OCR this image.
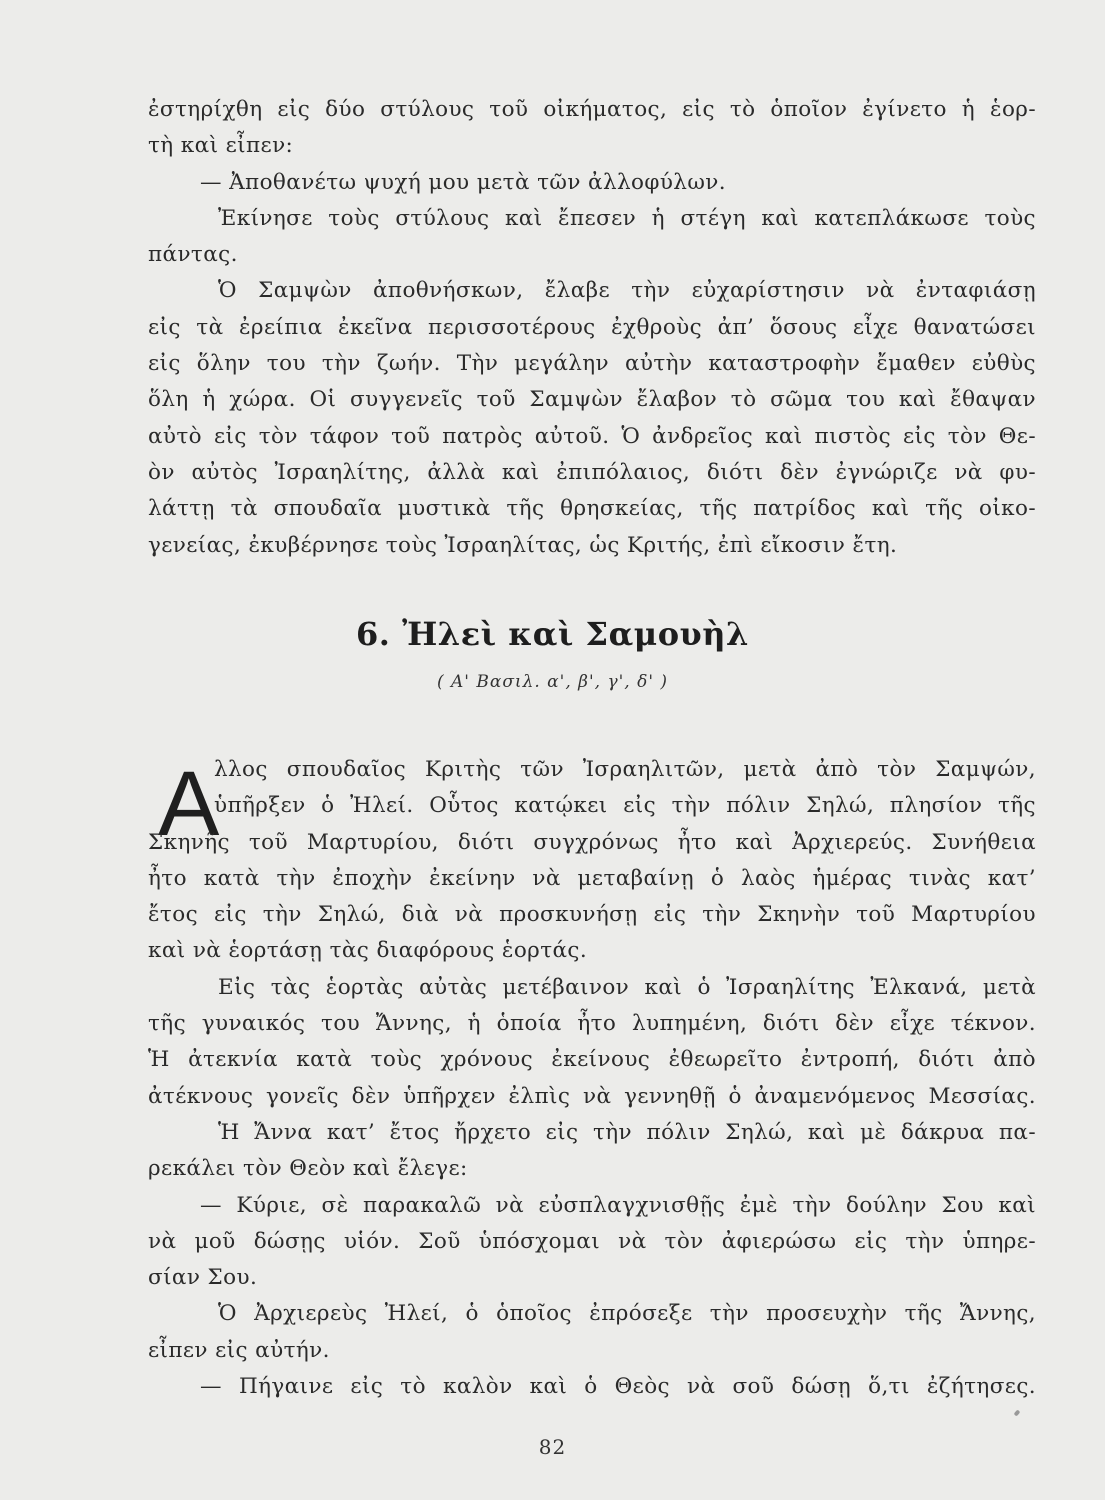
ἐστηρίχθη εἰς δύο στύλους τοῦ οἰκήματος, εἰς τὸ ὁποῖον ἐγίνετο ἡ ἑορ-
τὴ καὶ εἶπεν:
— Ἀποθανέτω ψυχή μου μετὰ τῶν ἀλλοφύλων.
Ἐκίνησε τοὺς στύλους καὶ ἔπεσεν ἡ στέγη καὶ κατεπλάκωσε τοὺς
πάντας.
Ὁ Σαμψὼν ἀποθνήσκων, ἔλαβε τὴν εὐχαρίστησιν νὰ ἐνταφιάσῃ
εἰς τὰ ἐρείπια ἐκεῖνα περισσοτέρους ἐχθροὺς ἀπ’ ὅσους εἶχε θανατώσει
εἰς ὅλην του τὴν ζωήν. Τὴν μεγάλην αὐτὴν καταστροφὴν ἔμαθεν εὐθὺς
ὅλη ἡ χώρα. Οἱ συγγενεῖς τοῦ Σαμψὼν ἔλαβον τὸ σῶμα του καὶ ἔθαψαν
αὐτὸ εἰς τὸν τάφον τοῦ πατρὸς αὐτοῦ. Ὁ ἀνδρεῖος καὶ πιστὸς εἰς τὸν Θε-
ὸν αὐτὸς Ἰσραηλίτης, ἀλλὰ καὶ ἐπιπόλαιος, διότι δὲν ἐγνώριζε νὰ φυ-
λάττῃ τὰ σπουδαῖα μυστικὰ τῆς θρησκείας, τῆς πατρίδος καὶ τῆς οἰκο-
γενείας, ἐκυβέρνησε τοὺς Ἰσραηλίτας, ὡς Κριτής, ἐπὶ εἴκοσιν ἔτη.
6. Ἠλεὶ καὶ Σαμουὴλ
( Α' Βασιλ. α', β', γ', δ' )
Α
λλος σπουδαῖος Κριτὴς τῶν Ἰσραηλιτῶν, μετὰ ἀπὸ τὸν Σαμψών,
ὑπῆρξεν ὁ Ἠλεί. Οὗτος κατῴκει εἰς τὴν πόλιν Σηλώ, πλησίον τῆς
Σκηνῆς τοῦ Μαρτυρίου, διότι συγχρόνως ἦτο καὶ Ἀρχιερεύς. Συνήθεια
ἦτο κατὰ τὴν ἐποχὴν ἐκείνην νὰ μεταβαίνῃ ὁ λαὸς ἡμέρας τινὰς κατ’
ἔτος εἰς τὴν Σηλώ, διὰ νὰ προσκυνήσῃ εἰς τὴν Σκηνὴν τοῦ Μαρτυρίου
καὶ νὰ ἑορτάσῃ τὰς διαφόρους ἑορτάς.
Εἰς τὰς ἑορτὰς αὐτὰς μετέβαινον καὶ ὁ Ἰσραηλίτης Ἐλκανά, μετὰ
τῆς γυναικός του Ἄννης, ἡ ὁποία ἦτο λυπημένη, διότι δὲν εἶχε τέκνον.
Ἡ ἀτεκνία κατὰ τοὺς χρόνους ἐκείνους ἐθεωρεῖτο ἐντροπή, διότι ἀπὸ
ἀτέκνους γονεῖς δὲν ὑπῆρχεν ἐλπὶς νὰ γεννηθῇ ὁ ἀναμενόμενος Μεσσίας.
Ἡ Ἄννα κατ’ ἔτος ἤρχετο εἰς τὴν πόλιν Σηλώ, καὶ μὲ δάκρυα πα-
ρεκάλει τὸν Θεὸν καὶ ἔλεγε:
— Κύριε, σὲ παρακαλῶ νὰ εὐσπλαγχνισθῇς ἐμὲ τὴν δούλην Σου καὶ
νὰ μοῦ δώσῃς υἱόν. Σοῦ ὑπόσχομαι νὰ τὸν ἀφιερώσω εἰς τὴν ὑπηρε-
σίαν Σου.
Ὁ Ἀρχιερεὺς Ἠλεί, ὁ ὁποῖος ἐπρόσεξε τὴν προσευχὴν τῆς Ἄννης,
εἶπεν εἰς αὐτήν.
— Πήγαινε εἰς τὸ καλὸν καὶ ὁ Θεὸς νὰ σοῦ δώσῃ ὅ,τι ἐζήτησες.
82
